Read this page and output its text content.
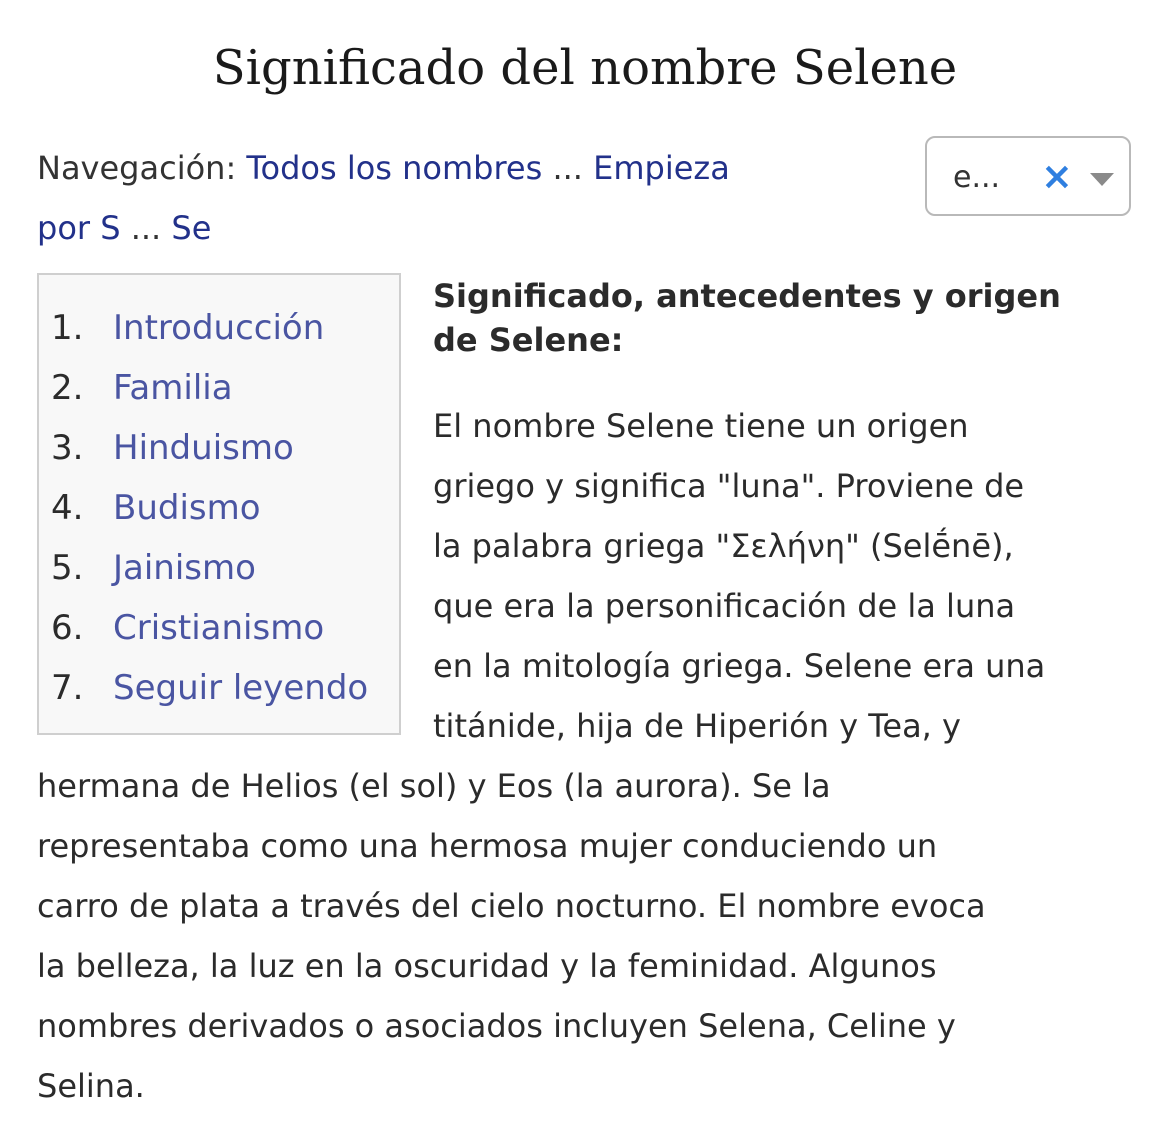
Significado del nombre Selene
Navegación: Todos los nombres ... Empieza
por S ... Se
e... ×
1. Introducción
2. Familia
3. Hinduismo
4. Budismo
5. Jainismo
6. Cristianismo
7. Seguir leyendo
Significado, antecedentes y origen
de Selene:

El nombre Selene tiene un origen

griego y significa "luna". Proviene de

la palabra griega "Σελήνη" (Selḗnē),

que era la personificación de la luna

en la mitología griega. Selene era una

titánide, hija de Hiperión y Tea, y

hermana de Helios (el sol) y Eos (la aurora). Se la

representaba como una hermosa mujer conduciendo un

carro de plata a través del cielo nocturno. El nombre evoca

la belleza, la luz en la oscuridad y la feminidad. Algunos

nombres derivados o asociados incluyen Selena, Celine y

Selina.
